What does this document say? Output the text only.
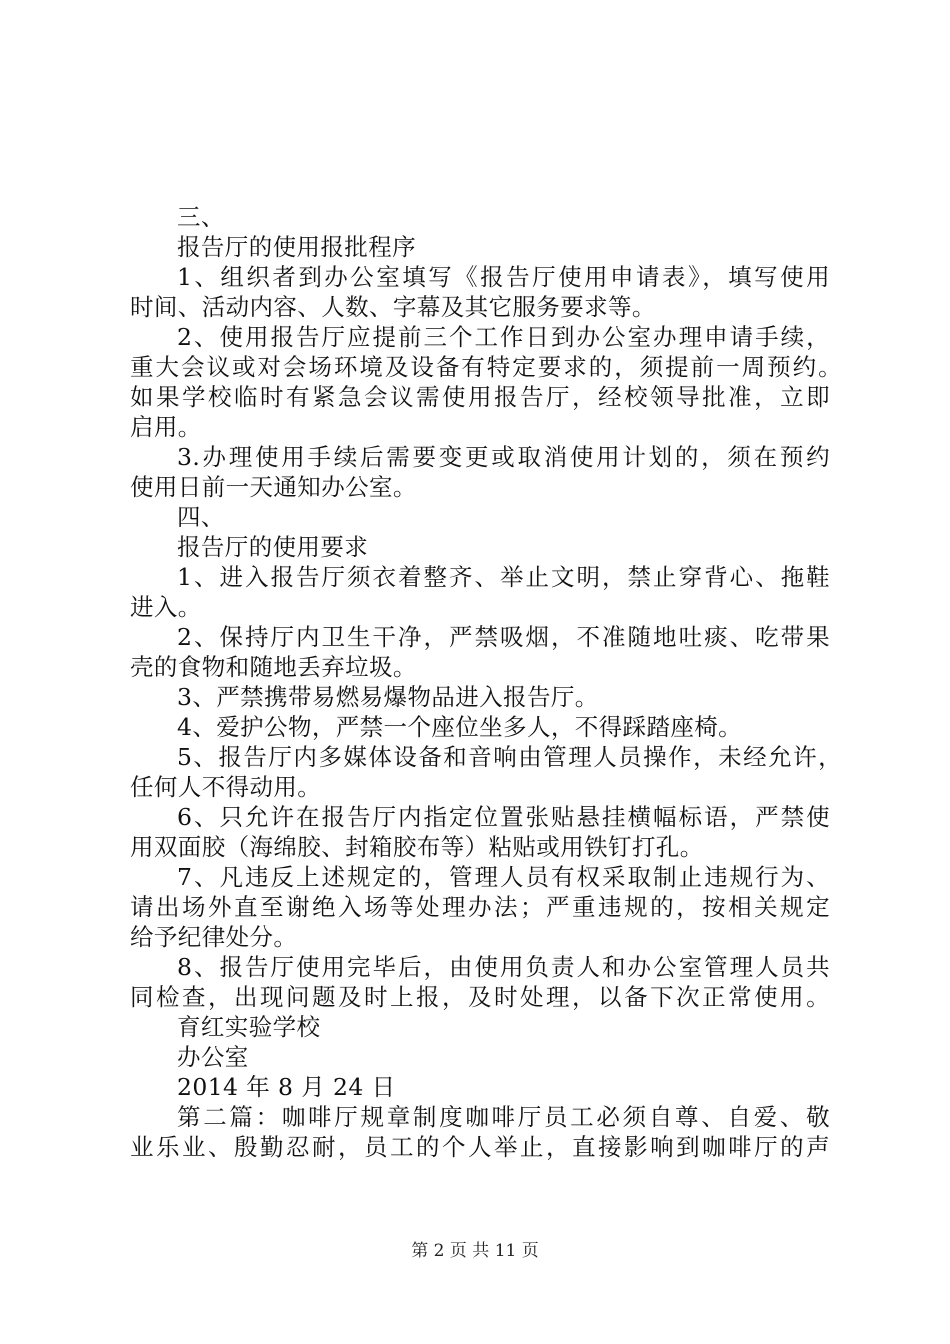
三、
报告厅的使用报批程序
1、组织者到办公室填写《报告厅使用申请表》，填写使用
时间、活动内容、人数、字幕及其它服务要求等。
2、使用报告厅应提前三个工作日到办公室办理申请手续，
重大会议或对会场环境及设备有特定要求的，须提前一周预约。
如果学校临时有紧急会议需使用报告厅，经校领导批准，立即
启用。
3.办理使用手续后需要变更或取消使用计划的，须在预约
使用日前一天通知办公室。
四、
报告厅的使用要求
1、进入报告厅须衣着整齐、举止文明，禁止穿背心、拖鞋
进入。
2、保持厅内卫生干净，严禁吸烟，不准随地吐痰、吃带果
壳的食物和随地丢弃垃圾。
3、严禁携带易燃易爆物品进入报告厅。
4、爱护公物，严禁一个座位坐多人，不得踩踏座椅。
5、报告厅内多媒体设备和音响由管理人员操作，未经允许，
任何人不得动用。
6、只允许在报告厅内指定位置张贴悬挂横幅标语，严禁使
用双面胶（海绵胶、封箱胶布等）粘贴或用铁钉打孔。
7、凡违反上述规定的，管理人员有权采取制止违规行为、
请出场外直至谢绝入场等处理办法；严重违规的，按相关规定
给予纪律处分。
8、报告厅使用完毕后，由使用负责人和办公室管理人员共
同检查，出现问题及时上报，及时处理，以备下次正常使用。
育红实验学校
办公室
2014 年 8 月 24 日
第二篇：咖啡厅规章制度咖啡厅员工必须自尊、自爱、敬
业乐业、殷勤忍耐，员工的个人举止，直接影响到咖啡厅的声
第 2 页 共 11 页
